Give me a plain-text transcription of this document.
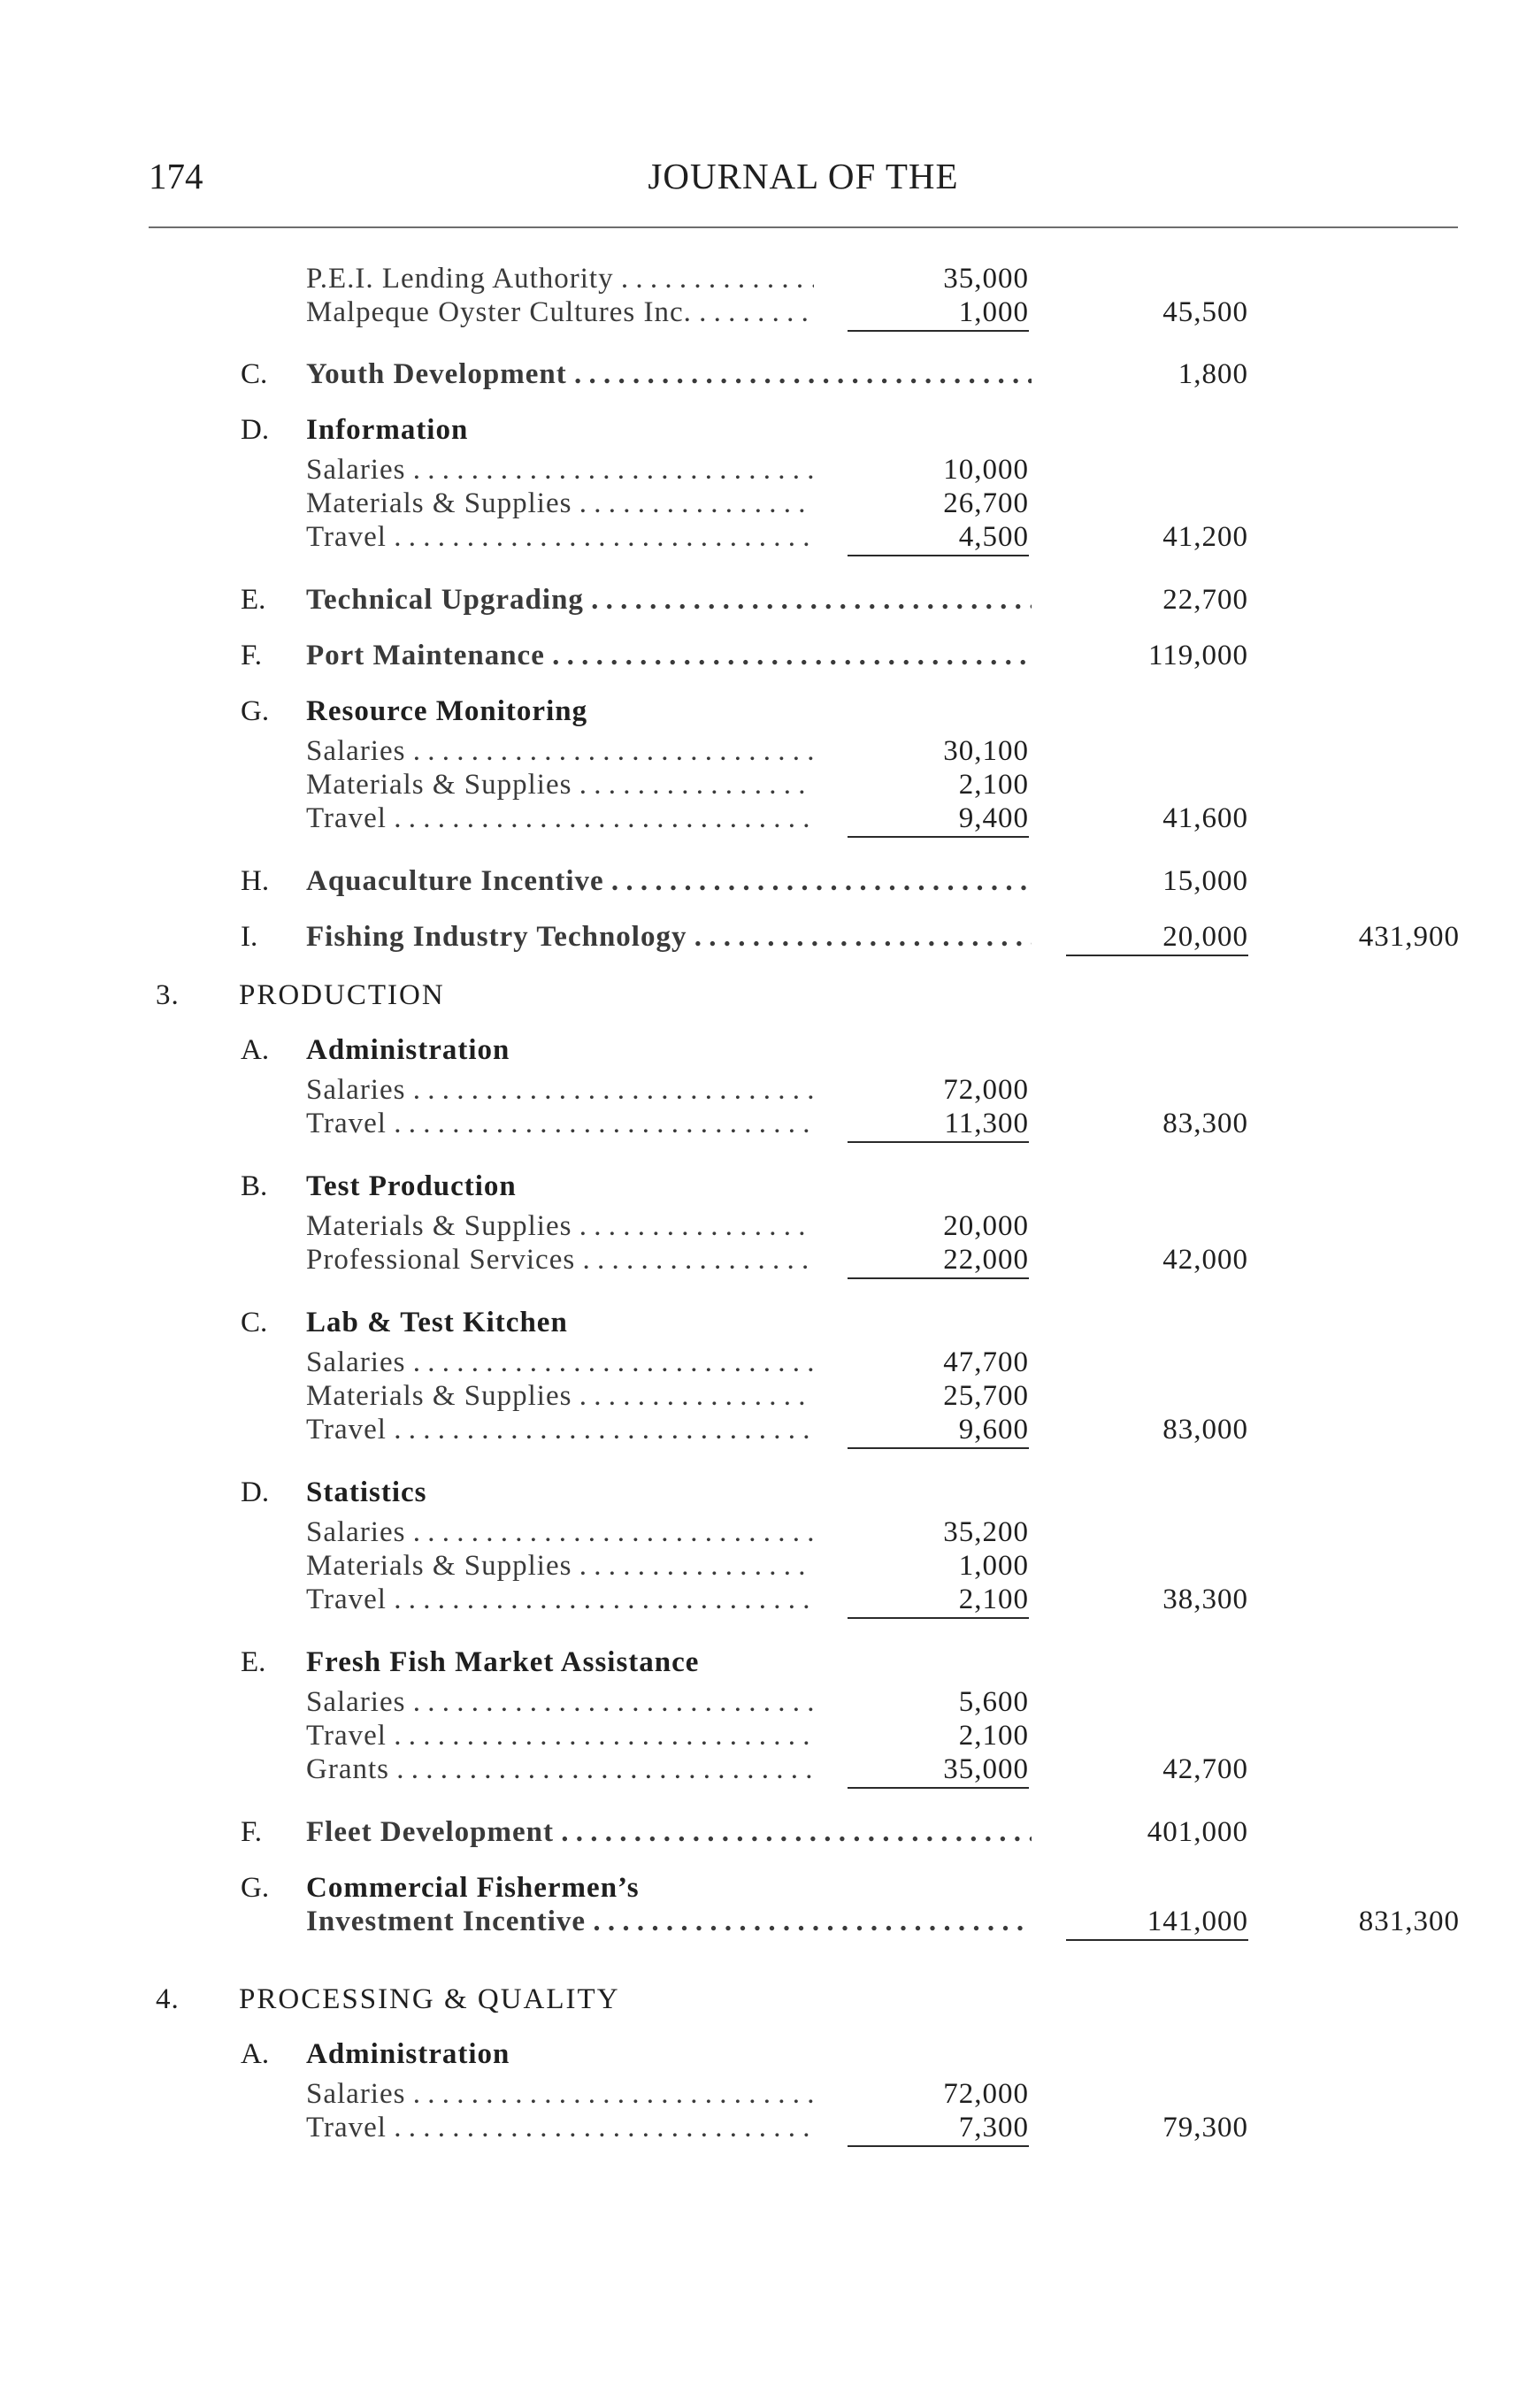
174	JOURNAL OF THE
P.E.I. Lending Authority . . .	35,000
Malpeque Oyster Cultures Inc. . . .	1,000	45,500
C. Youth Development . . .	1,800
D. Information
Salaries . . .	10,000
Materials & Supplies . . .	26,700
Travel . . .	4,500	41,200
E. Technical Upgrading . . .	22,700
F. Port Maintenance . . .	119,000
G. Resource Monitoring
Salaries . . .	30,100
Materials & Supplies . . .	2,100
Travel . . .	9,400	41,600
H. Aquaculture Incentive . . .	15,000
I. Fishing Industry Technology . . .	20,000	431,900
3. PRODUCTION
A. Administration
Salaries . . .	72,000
Travel . . .	11,300	83,300
B. Test Production
Materials & Supplies . . .	20,000
Professional Services . . .	22,000	42,000
C. Lab & Test Kitchen
Salaries . . .	47,700
Materials & Supplies . . .	25,700
Travel . . .	9,600	83,000
D. Statistics
Salaries . . .	35,200
Materials & Supplies . . .	1,000
Travel . . .	2,100	38,300
E. Fresh Fish Market Assistance
Salaries . . .	5,600
Travel . . .	2,100
Grants . . .	35,000	42,700
F. Fleet Development . . .	401,000
G. Commercial Fishermen’s
Investment Incentive . . .	141,000	831,300
4. PROCESSING & QUALITY
A. Administration
Salaries . . .	72,000
Travel . . .	7,300	79,300
